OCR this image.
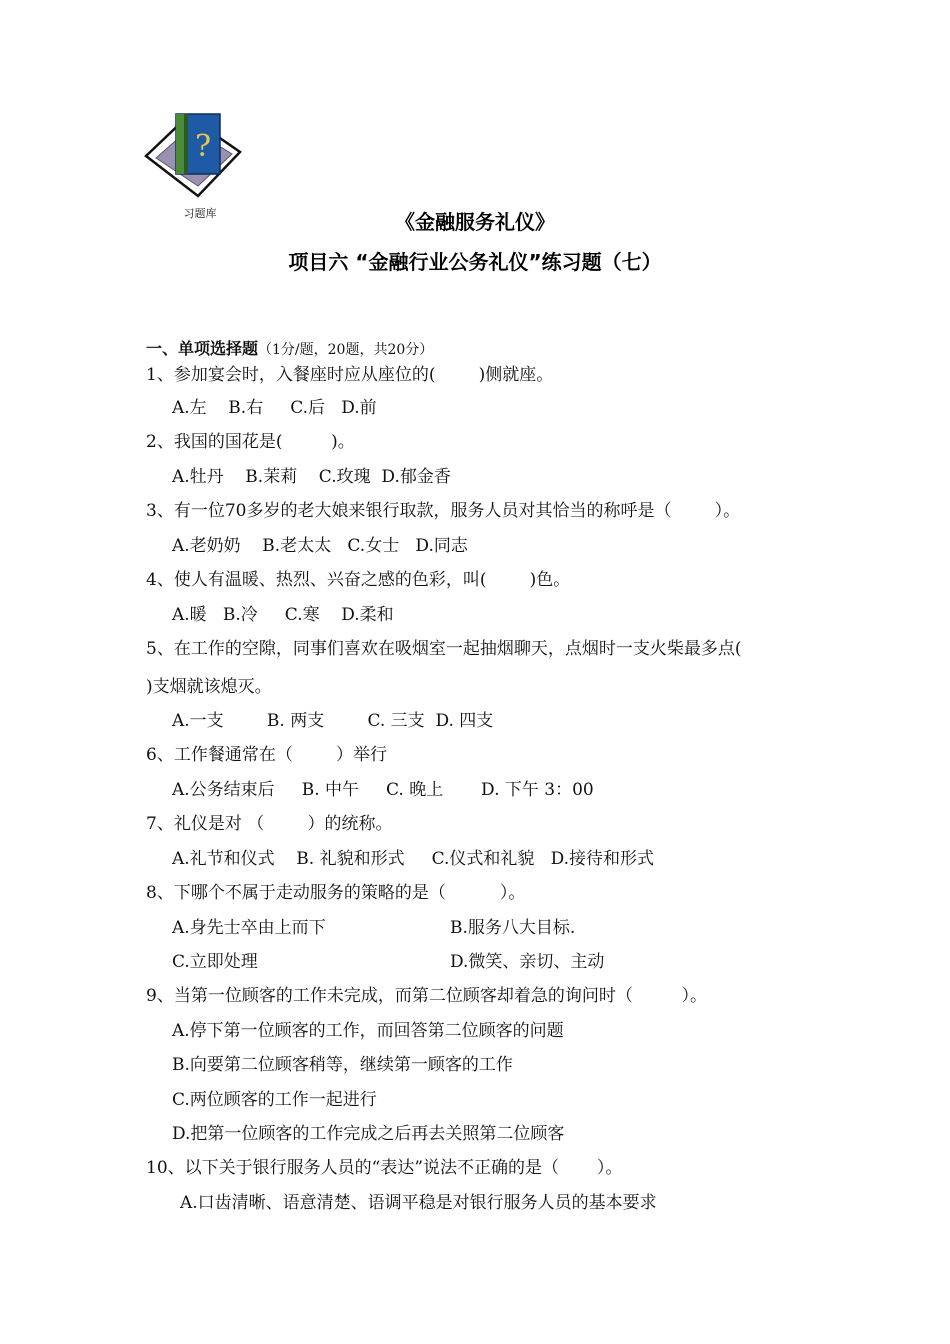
?
习题库	《金融服务礼仪》
项目六 “金融行业公务礼仪”练习题（七）
一、单项选择题（1分/题，20题，共20分）
1、参加宴会时，入餐座时应从座位的(        )侧就座。
A.左    B.右     C.后   D.前
2、我国的国花是(         )。
A.牡丹    B.茉莉    C.玫瑰  D.郁金香
3、有一位70多岁的老大娘来银行取款，服务人员对其恰当的称呼是（        ）。
A.老奶奶    B.老太太   C.女士   D.同志
4、使人有温暖、热烈、兴奋之感的色彩，叫(        )色。
A.暖   B.冷     C.寒    D.柔和
5、在工作的空隙，同事们喜欢在吸烟室一起抽烟聊天，点烟时一支火柴最多点(
)支烟就该熄灭。
A.一支        B. 两支        C. 三支  D. 四支
6、工作餐通常在（        ）举行
A.公务结束后     B. 中午     C. 晚上       D. 下午 3：00
7、礼仪是对 （        ）的统称。
A.礼节和仪式    B. 礼貌和形式     C.仪式和礼貌   D.接待和形式
8、下哪个不属于走动服务的策略的是（          ）。
A.身先士卒由上而下	B.服务八大目标.
C.立即处理	D.微笑、亲切、主动
9、当第一位顾客的工作未完成，而第二位顾客却着急的询问时（         ）。
A.停下第一位顾客的工作，而回答第二位顾客的问题
B.向要第二位顾客稍等，继续第一顾客的工作
C.两位顾客的工作一起进行
D.把第一位顾客的工作完成之后再去关照第二位顾客
10、以下关于银行服务人员的“表达”说法不正确的是（       ）。
A.口齿清晰、语意清楚、语调平稳是对银行服务人员的基本要求
